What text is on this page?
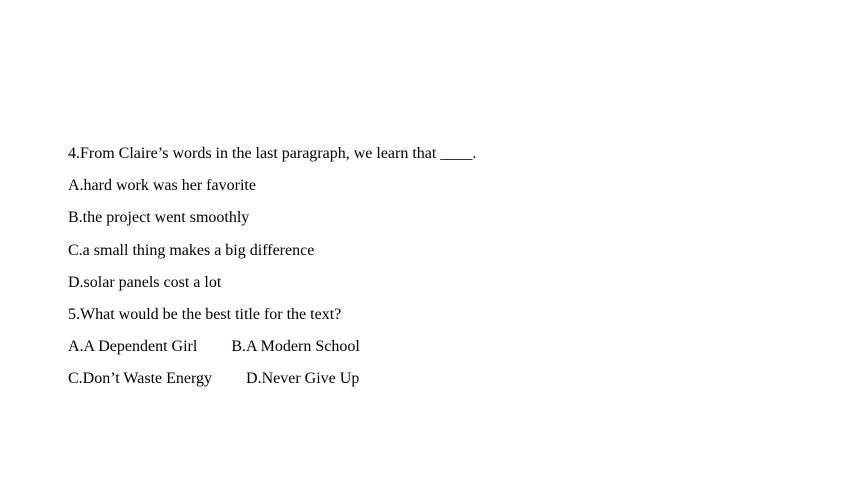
4.From Claire’s words in the last paragraph, we learn that ____.
A.hard work was her favorite
B.the project went smoothly
C.a small thing makes a big difference
D.solar panels cost a lot
5.What would be the best title for the text?
A.A Dependent Girl B.A Modern School
C.Don’t Waste Energy D.Never Give Up
